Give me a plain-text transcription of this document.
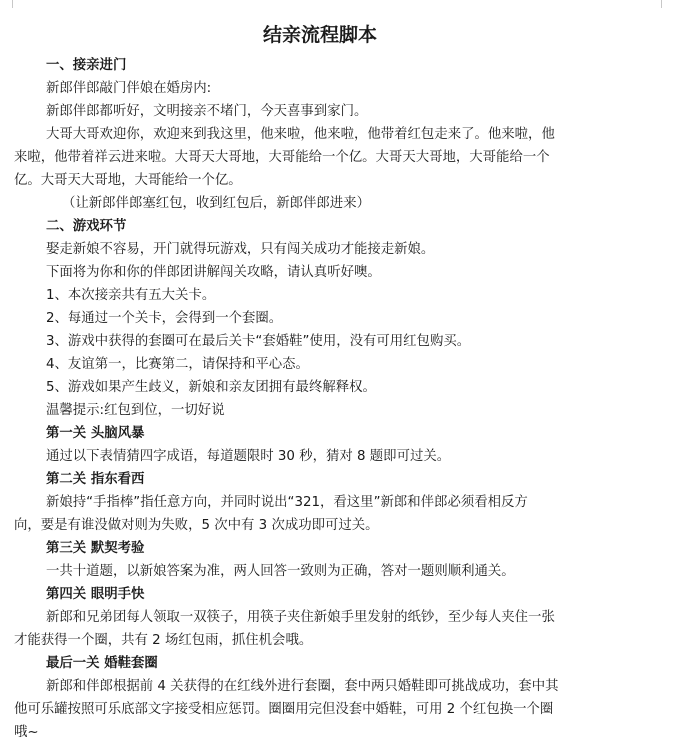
结亲流程脚本

一、接亲进门

新郎伴郎敲门伴娘在婚房内:

新郎伴郎都听好，文明接亲不堵门，今天喜事到家门。

大哥大哥欢迎你，欢迎来到我这里，他来啦，他来啦，他带着红包走来了。他来啦，他

来啦，他带着祥云进来啦。大哥天大哥地，大哥能给一个亿。大哥天大哥地，大哥能给一个

亿。大哥天大哥地，大哥能给一个亿。

（让新郎伴郎塞红包，收到红包后，新郎伴郎进来）

二、游戏环节

娶走新娘不容易，开门就得玩游戏，只有闯关成功才能接走新娘。

下面将为你和你的伴郎团讲解闯关攻略，请认真听好噢。

1、本次接亲共有五大关卡。

2、每通过一个关卡，会得到一个套圈。

3、游戏中获得的套圈可在最后关卡“套婚鞋”使用，没有可用红包购买。

4、友谊第一，比赛第二，请保持和平心态。

5、游戏如果产生歧义，新娘和亲友团拥有最终解释权。

温馨提示:红包到位，一切好说

第一关 头脑风暴

通过以下表情猜四字成语，每道题限时 30 秒，猜对 8 题即可过关。

第二关 指东看西

新娘持“手指棒”指任意方向，并同时说出“321，看这里”新郎和伴郎必须看相反方

向，要是有谁没做对则为失败，5 次中有 3 次成功即可过关。

第三关 默契考验

一共十道题，以新娘答案为准，两人回答一致则为正确，答对一题则顺利通关。

第四关 眼明手快

新郎和兄弟团每人领取一双筷子，用筷子夹住新娘手里发射的纸钞，至少每人夹住一张

才能获得一个圈，共有 2 场红包雨，抓住机会哦。

最后一关 婚鞋套圈

新郎和伴郎根据前 4 关获得的在红线外进行套圈，套中两只婚鞋即可挑战成功，套中其

他可乐罐按照可乐底部文字接受相应惩罚。圈圈用完但没套中婚鞋，可用 2 个红包换一个圈

哦~
